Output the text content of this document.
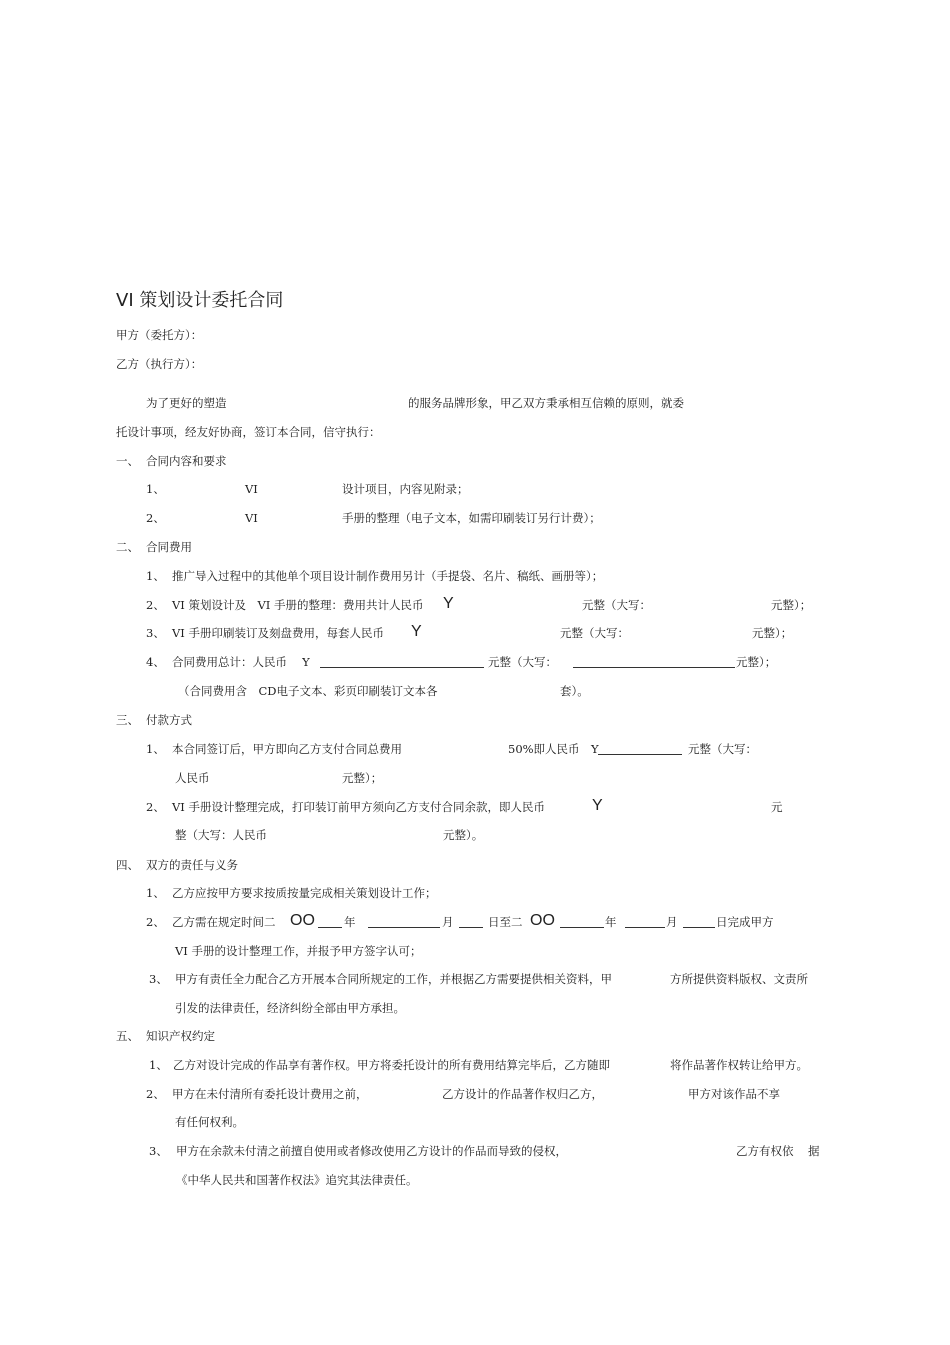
VI 策划设计委托合同
甲方（委托方）：
乙方（执行方）：
为了更好的塑造	的服务品牌形象，甲乙双方秉承相互信赖的原则，就委
托设计事项，经友好协商，签订本合同，信守执行：
一、 合同内容和要求
1、	VI	设计项目，内容见附录；
2、	VI	手册的整理（电子文本，如需印刷装订另行计费）；
二、 合同费用
1、 推广导入过程中的其他单个项目设计制作费用另计（手提袋、名片、稿纸、画册等）；
2、 VI 策划设计及　VI 手册的整理：费用共计人民币 Y	元整（大写：	元整）；
3、 VI 手册印刷装订及刻盘费用，每套人民币 Y	元整（大写：	元整）；
4、 合同费用总计：人民币　 Y	元整（大写：	元整）；
（合同费用含　CD电子文本、彩页印刷装订文本各	套）。
三、 付款方式
1、 本合同签订后，甲方即向乙方支付合同总费用	50%即人民币　Y	元整（大写：
人民币	元整）；
2、 VI 手册设计整理完成，打印装订前甲方须向乙方支付合同余款，即人民币	Y	元
整（大写：人民币	元整）。
四、 双方的责任与义务
1、 乙方应按甲方要求按质按量完成相关策划设计工作；
2、 乙方需在规定时间二 OO	年	月	日至二 OO	年	月	日完成甲方
VI 手册的设计整理工作，并报予甲方签字认可；
3、 甲方有责任全力配合乙方开展本合同所规定的工作，并根据乙方需要提供相关资料，甲	方所提供资料版权、文责所
引发的法律责任，经济纠纷全部由甲方承担。
五、 知识产权约定
1、 乙方对设计完成的作品享有著作权。甲方将委托设计的所有费用结算完毕后，乙方随即	将作品著作权转让给甲方。
2、 甲方在未付清所有委托设计费用之前，	乙方设计的作品著作权归乙方，	甲方对该作品不享
有任何权利。
3、 甲方在余款未付清之前擅自使用或者修改使用乙方设计的作品而导致的侵权，	乙方有权依 据
《中华人民共和国著作权法》追究其法律责任。
